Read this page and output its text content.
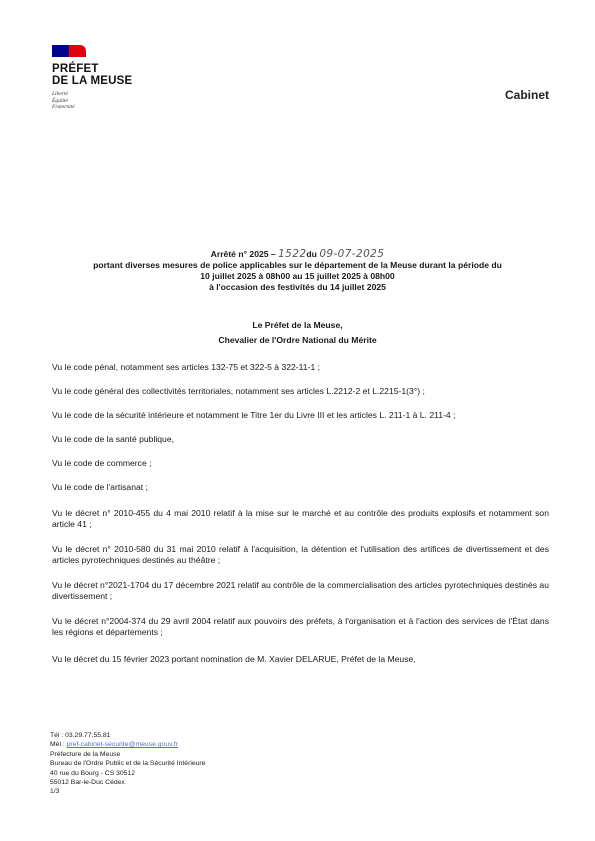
PRÉFET
DE LA MEUSE
Liberté
Égalité
Fraternité
Cabinet
Arrêté n° 2025 – 1522du 09-07-2025
portant diverses mesures de police applicables sur le département de la Meuse durant la période du
10 juillet 2025 à 08h00 au 15 juillet 2025 à 08h00
à l'occasion des festivités du 14 juillet 2025
Le Préfet de la Meuse,
Chevalier de l'Ordre National du Mérite

Vu le code pénal, notamment ses articles 132-75 et 322-5 à 322-11-1 ;

Vu le code général des collectivités territoriales, notamment ses articles L.2212-2 et L.2215-1(3°) ;

Vu le code de la sécurité intérieure et notamment le Titre 1er du Livre III et les articles L. 211-1 à L. 211-4 ;

Vu le code de la santé publique,

Vu le code de commerce ;

Vu le code de l'artisanat ;

Vu le décret n° 2010-455 du 4 mai 2010 relatif à la mise sur le marché et au contrôle des produits explosifs et notamment son article 41 ;

Vu le décret n° 2010-580 du 31 mai 2010 relatif à l'acquisition, la détention et l'utilisation des artifices de divertissement et des articles pyrotechniques destinés au théâtre ;

Vu le décret n°2021-1704 du 17 décembre 2021 relatif au contrôle de la commercialisation des articles pyrotechniques destinés au divertissement ;

Vu le décret n°2004-374 du 29 avril 2004 relatif aux pouvoirs des préfets, à l'organisation et à l'action des services de l'État dans les régions et départements ;

Vu le décret du 15 février 2023 portant nomination de M. Xavier DELARUE, Préfet de la Meuse,

Tél : 03.29.77.55.81
Mél : pref-cabinet-securite@meuse.gouv.fr
Préfecture de la Meuse
Bureau de l'Ordre Public et de la Sécurité Intérieure
40 rue du Bourg - CS 30512
55012 Bar-le-Duc Cédex
1/3
